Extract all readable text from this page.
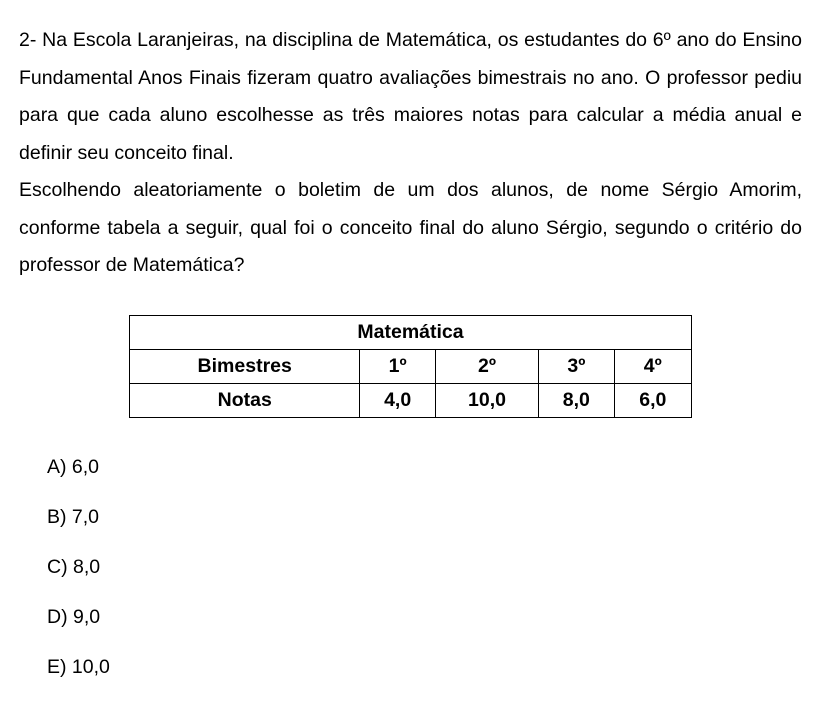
2- Na Escola Laranjeiras, na disciplina de Matemática, os estudantes do 6º ano do Ensino Fundamental Anos Finais fizeram quatro avaliações bimestrais no ano. O professor pediu para que cada aluno escolhesse as três maiores notas para calcular a média anual e definir seu conceito final.

Escolhendo aleatoriamente o boletim de um dos alunos, de nome Sérgio Amorim, conforme tabela a seguir, qual foi o conceito final do aluno Sérgio, segundo o critério do professor de Matemática?

Matemática				
Bimestres	1º	2º	3º	4º
Notas	4,0	10,0	8,0	6,0
A) 6,0
B) 7,0
C) 8,0
D) 9,0
E) 10,0
